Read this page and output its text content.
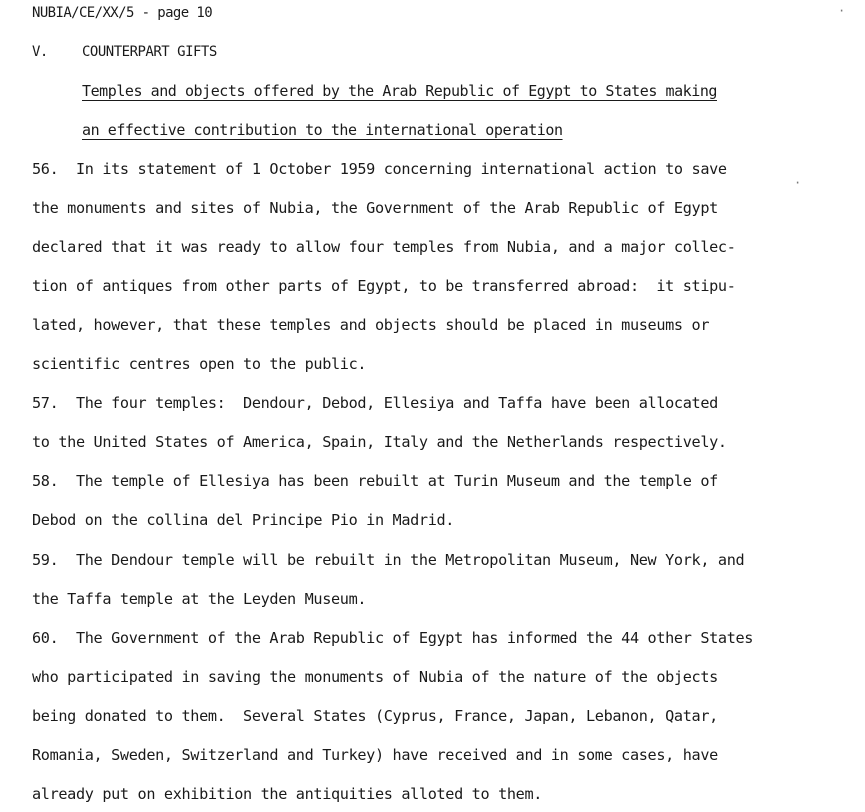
NUBIA/CE/XX/5 - page 10	·
V. COUNTERPART GIFTS
Temples and objects offered by the Arab Republic of Egypt to States making
an effective contribution to the international operation
56.  In its statement of 1 October 1959 concerning international action to save
the monuments and sites of Nubia, the Government of the Arab Republic of Egypt
declared that it was ready to allow four temples from Nubia, and a major collec-
tion of antiques from other parts of Egypt, to be transferred abroad:  it stipu-
lated, however, that these temples and objects should be placed in museums or
scientific centres open to the public.
57.  The four temples:  Dendour, Debod, Ellesiya and Taffa have been allocated
to the United States of America, Spain, Italy and the Netherlands respectively.
58.  The temple of Ellesiya has been rebuilt at Turin Museum and the temple of
Debod on the collina del Principe Pio in Madrid.
59.  The Dendour temple will be rebuilt in the Metropolitan Museum, New York, and
the Taffa temple at the Leyden Museum.
60.  The Government of the Arab Republic of Egypt has informed the 44 other States
who participated in saving the monuments of Nubia of the nature of the objects
being donated to them.  Several States (Cyprus, France, Japan, Lebanon, Qatar,
Romania, Sweden, Switzerland and Turkey) have received and in some cases, have
already put on exhibition the antiquities alloted to them.
·
